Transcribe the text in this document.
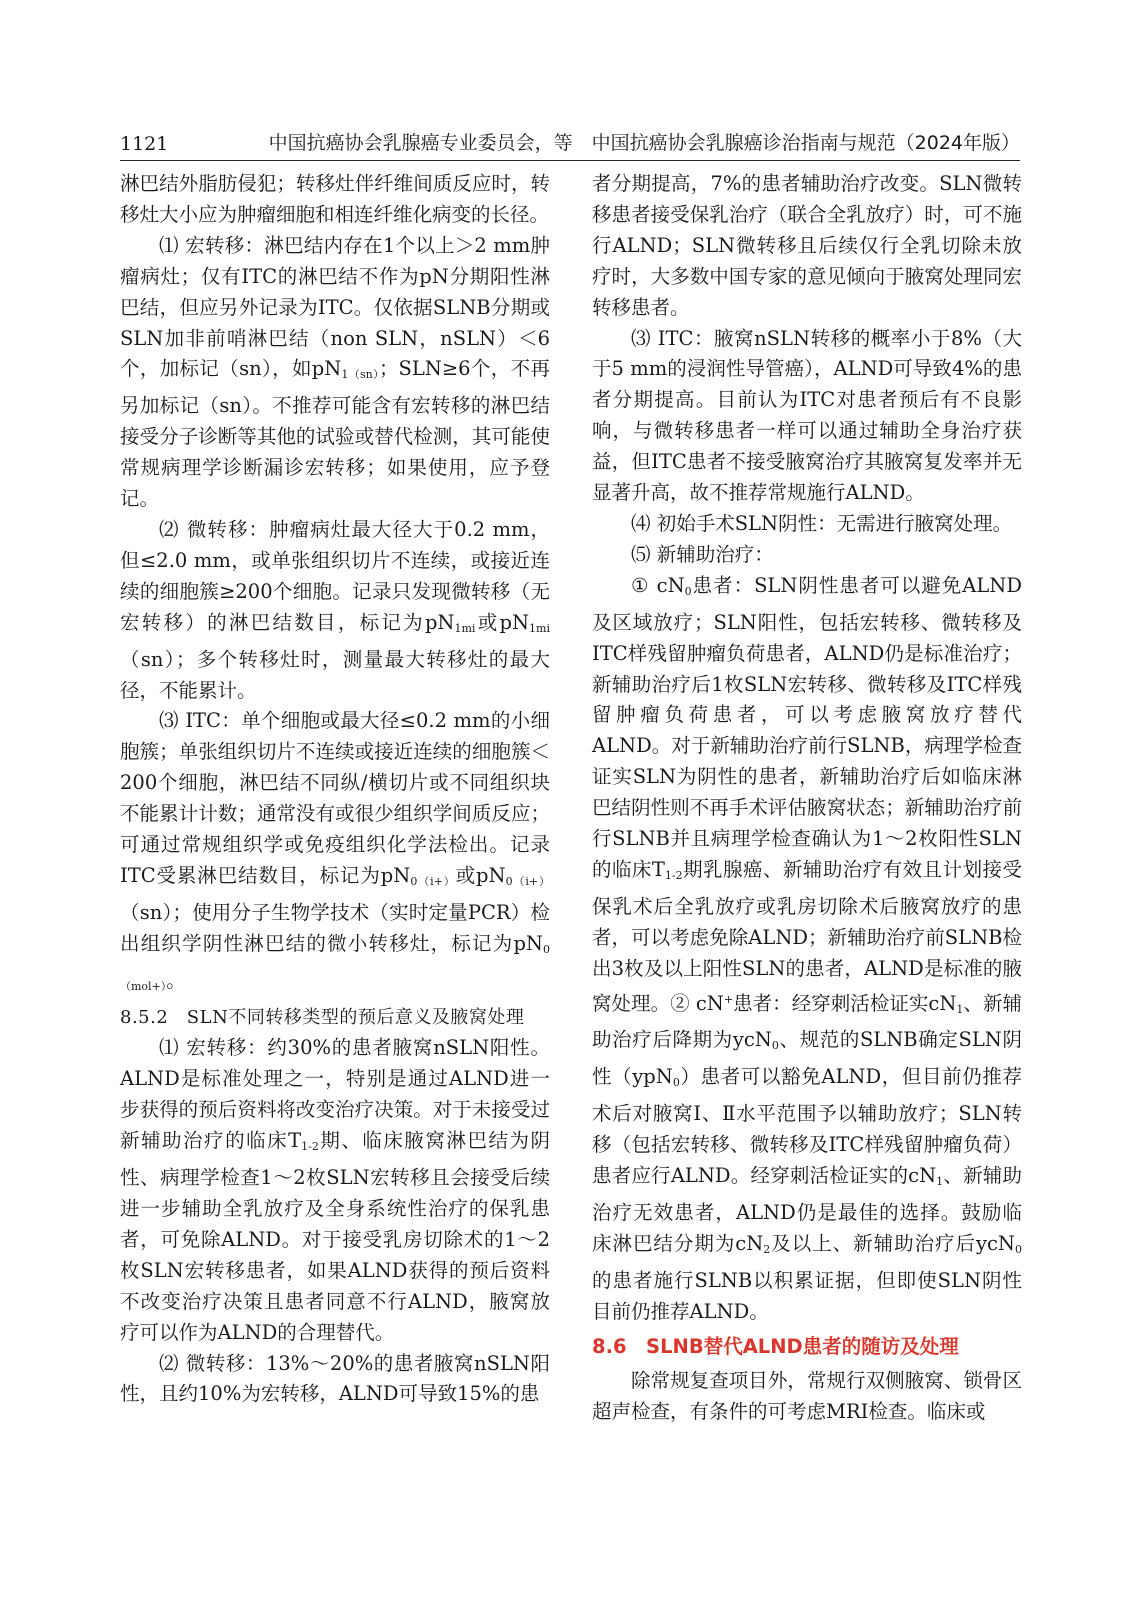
1121	中国抗癌协会乳腺癌专业委员会，等　中国抗癌协会乳腺癌诊治指南与规范（2024年版）

淋巴结外脂肪侵犯；转移灶伴纤维间质反应时，转移灶大小应为肿瘤细胞和相连纤维化病变的长径。

⑴ 宏转移：淋巴结内存在1个以上＞2 mm肿瘤病灶；仅有ITC的淋巴结不作为pN分期阳性淋巴结，但应另外记录为ITC。仅依据SLNB分期或SLN加非前哨淋巴结（non SLN，nSLN）＜6个，加标记（sn），如$pN_{1(sn)}$；SLN≥6个，不再另加标记（sn）。不推荐可能含有宏转移的淋巴结接受分子诊断等其他的试验或替代检测，其可能使常规病理学诊断漏诊宏转移；如果使用，应予登记。

⑵ 微转移：肿瘤病灶最大径大于0.2 mm，但≤2.0 mm，或单张组织切片不连续，或接近连续的细胞簇≥200个细胞。记录只发现微转移（无宏转移）的淋巴结数目，标记为$pN_{1mi}$或$pN_{1mi}(sn)$；多个转移灶时，测量最大转移灶的最大径，不能累计。

⑶ ITC：单个细胞或最大径≤0.2 mm的小细胞簇；单张组织切片不连续或接近连续的细胞簇＜200个细胞，淋巴结不同纵/横切片或不同组织块不能累计计数；通常没有或很少组织学间质反应；可通过常规组织学或免疫组织化学法检出。记录ITC受累淋巴结数目，标记为$pN_{0(i+)}$或$pN_{0(i+)}(sn)$；使用分子生物学技术（实时定量PCR）检出组织学阴性淋巴结的微小转移灶，标记为$pN_{0(mol+)}$。

8.5.2　SLN不同转移类型的预后意义及腋窝处理

⑴ 宏转移：约30%的患者腋窝nSLN阳性。ALND是标准处理之一，特别是通过ALND进一步获得的预后资料将改变治疗决策。对于未接受过新辅助治疗的临床$T_{1-2}$期、临床腋窝淋巴结为阴性、病理学检查1～2枚SLN宏转移且会接受后续进一步辅助全乳放疗及全身系统性治疗的保乳患者，可免除ALND。对于接受乳房切除术的1～2枚SLN宏转移患者，如果ALND获得的预后资料不改变治疗决策且患者同意不行ALND，腋窝放疗可以作为ALND的合理替代。

⑵ 微转移：13%～20%的患者腋窝nSLN阳性，且约10%为宏转移，ALND可导致15%的患

者分期提高，7%的患者辅助治疗改变。SLN微转移患者接受保乳治疗（联合全乳放疗）时，可不施行ALND；SLN微转移且后续仅行全乳切除未放疗时，大多数中国专家的意见倾向于腋窝处理同宏转移患者。

⑶ ITC：腋窝nSLN转移的概率小于8%（大于5 mm的浸润性导管癌），ALND可导致4%的患者分期提高。目前认为ITC对患者预后有不良影响，与微转移患者一样可以通过辅助全身治疗获益，但ITC患者不接受腋窝治疗其腋窝复发率并无显著升高，故不推荐常规施行ALND。

⑷ 初始手术SLN阴性：无需进行腋窝处理。

⑸ 新辅助治疗：

① $cN_0$患者：SLN阴性患者可以避免ALND及区域放疗；SLN阳性，包括宏转移、微转移及ITC样残留肿瘤负荷患者，ALND仍是标准治疗；新辅助治疗后1枚SLN宏转移、微转移及ITC样残留肿瘤负荷患者，可以考虑腋窝放疗替代ALND。对于新辅助治疗前行SLNB，病理学检查证实SLN为阴性的患者，新辅助治疗后如临床淋巴结阴性则不再手术评估腋窝状态；新辅助治疗前行SLNB并且病理学检查确认为1～2枚阳性SLN的临床$T_{1-2}$期乳腺癌、新辅助治疗有效且计划接受保乳术后全乳放疗或乳房切除术后腋窝放疗的患者，可以考虑免除ALND；新辅助治疗前SLNB检出3枚及以上阳性SLN的患者，ALND是标准的腋窝处理。② cN+患者：经穿刺活检证实$cN_1$、新辅助治疗后降期为ycN$_0$、规范的SLNB确定SLN阴性（ypN$_0$）患者可以豁免ALND，但目前仍推荐术后对腋窝Ⅰ、Ⅱ水平范围予以辅助放疗；SLN转移（包括宏转移、微转移及ITC样残留肿瘤负荷）患者应行ALND。经穿刺活检证实的$cN_1$、新辅助治疗无效患者，ALND仍是最佳的选择。鼓励临床淋巴结分期为$cN_2$及以上、新辅助治疗后ycN$_0$的患者施行SLNB以积累证据，但即使SLN阴性目前仍推荐ALND。

8.6　SLNB替代ALND患者的随访及处理

除常规复查项目外，常规行双侧腋窝、锁骨区超声检查，有条件的可考虑MRI检查。临床或
